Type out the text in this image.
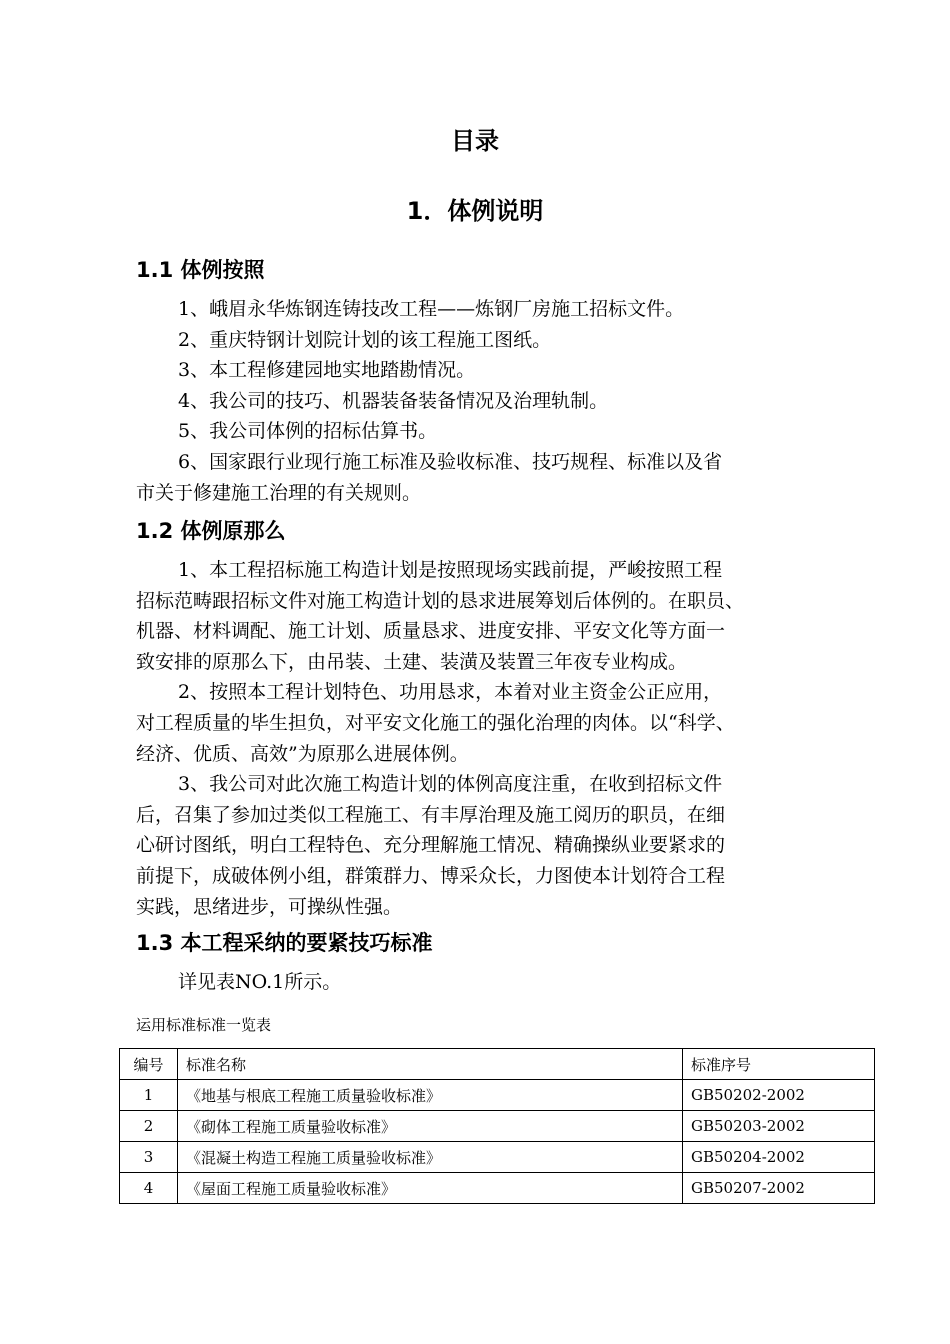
目录
1．体例说明
1.1 体例按照
1、峨眉永华炼钢连铸技改工程——炼钢厂房施工招标文件。
2、重庆特钢计划院计划的该工程施工图纸。
3、本工程修建园地实地踏勘情况。
4、我公司的技巧、机器装备装备情况及治理轨制。
5、我公司体例的招标估算书。
6、国家跟行业现行施工标准及验收标准、技巧规程、标准以及省
市关于修建施工治理的有关规则。
1.2 体例原那么
1、本工程招标施工构造计划是按照现场实践前提，严峻按照工程
招标范畴跟招标文件对施工构造计划的恳求进展筹划后体例的。在职员、
机器、材料调配、施工计划、质量恳求、进度安排、平安文化等方面一
致安排的原那么下，由吊装、土建、装潢及装置三年夜专业构成。
2、按照本工程计划特色、功用恳求，本着对业主资金公正应用，
对工程质量的毕生担负，对平安文化施工的强化治理的肉体。以“科学、
经济、优质、高效”为原那么进展体例。
3、我公司对此次施工构造计划的体例高度注重，在收到招标文件
后，召集了参加过类似工程施工、有丰厚治理及施工阅历的职员，在细
心研讨图纸，明白工程特色、充分理解施工情况、精确操纵业要紧求的
前提下，成破体例小组，群策群力、博采众长，力图使本计划符合工程
实践，思绪进步，可操纵性强。
1.3 本工程采纳的要紧技巧标准
详见表NO.1所示。
运用标准标准一览表
编号	标准名称	标准序号
1	《地基与根底工程施工质量验收标准》	GB50202-2002
2	《砌体工程施工质量验收标准》	GB50203-2002
3	《混凝土构造工程施工质量验收标准》	GB50204-2002
4	《屋面工程施工质量验收标准》	GB50207-2002
